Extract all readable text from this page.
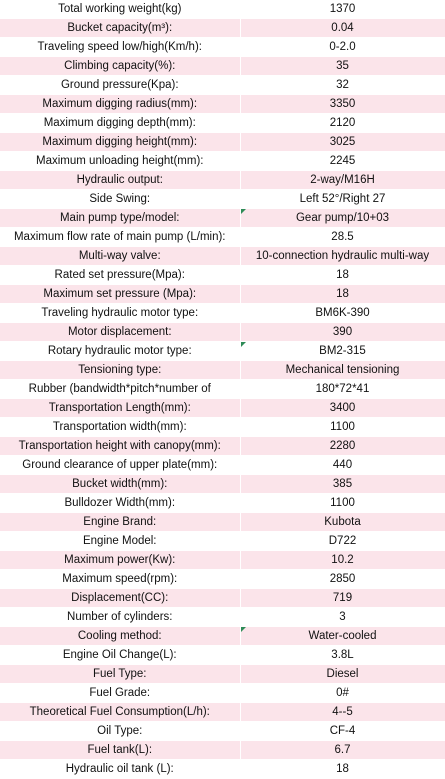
Total working weight(kg)	1370
Bucket capacity(m³):	0.04
Traveling speed low/high(Km/h):	0-2.0
Climbing capacity(%):	35
Ground pressure(Kpa):	32
Maximum digging radius(mm):	3350
Maximum digging depth(mm):	2120
Maximum digging height(mm):	3025
Maximum unloading height(mm):	2245
Hydraulic output:	2-way/M16H
Side Swing:	Left 52°/Right 27
Main pump type/model:	Gear pump/10+03
Maximum flow rate of main pump (L/min):	28.5
Multi-way valve:	10-connection hydraulic multi-way
Rated set pressure(Mpa):	18
Maximum set pressure (Mpa):	18
Traveling hydraulic motor type:	BM6K-390
Motor displacement:	390
Rotary hydraulic motor type:	BM2-315
Tensioning type:	Mechanical tensioning
Rubber (bandwidth*pitch*number of	180*72*41
Transportation Length(mm):	3400
Transportation width(mm):	1100
Transportation height with canopy(mm):	2280
Ground clearance of upper plate(mm):	440
Bucket width(mm):	385
Bulldozer Width(mm):	1100
Engine Brand:	Kubota
Engine Model:	D722
Maximum power(Kw):	10.2
Maximum speed(rpm):	2850
Displacement(CC):	719
Number of cylinders:	3
Cooling method:	Water-cooled
Engine Oil Change(L):	3.8L
Fuel Type:	Diesel
Fuel Grade:	0#
Theoretical Fuel Consumption(L/h):	4--5
Oil Type:	CF-4
Fuel tank(L):	6.7
Hydraulic oil tank (L):	18
